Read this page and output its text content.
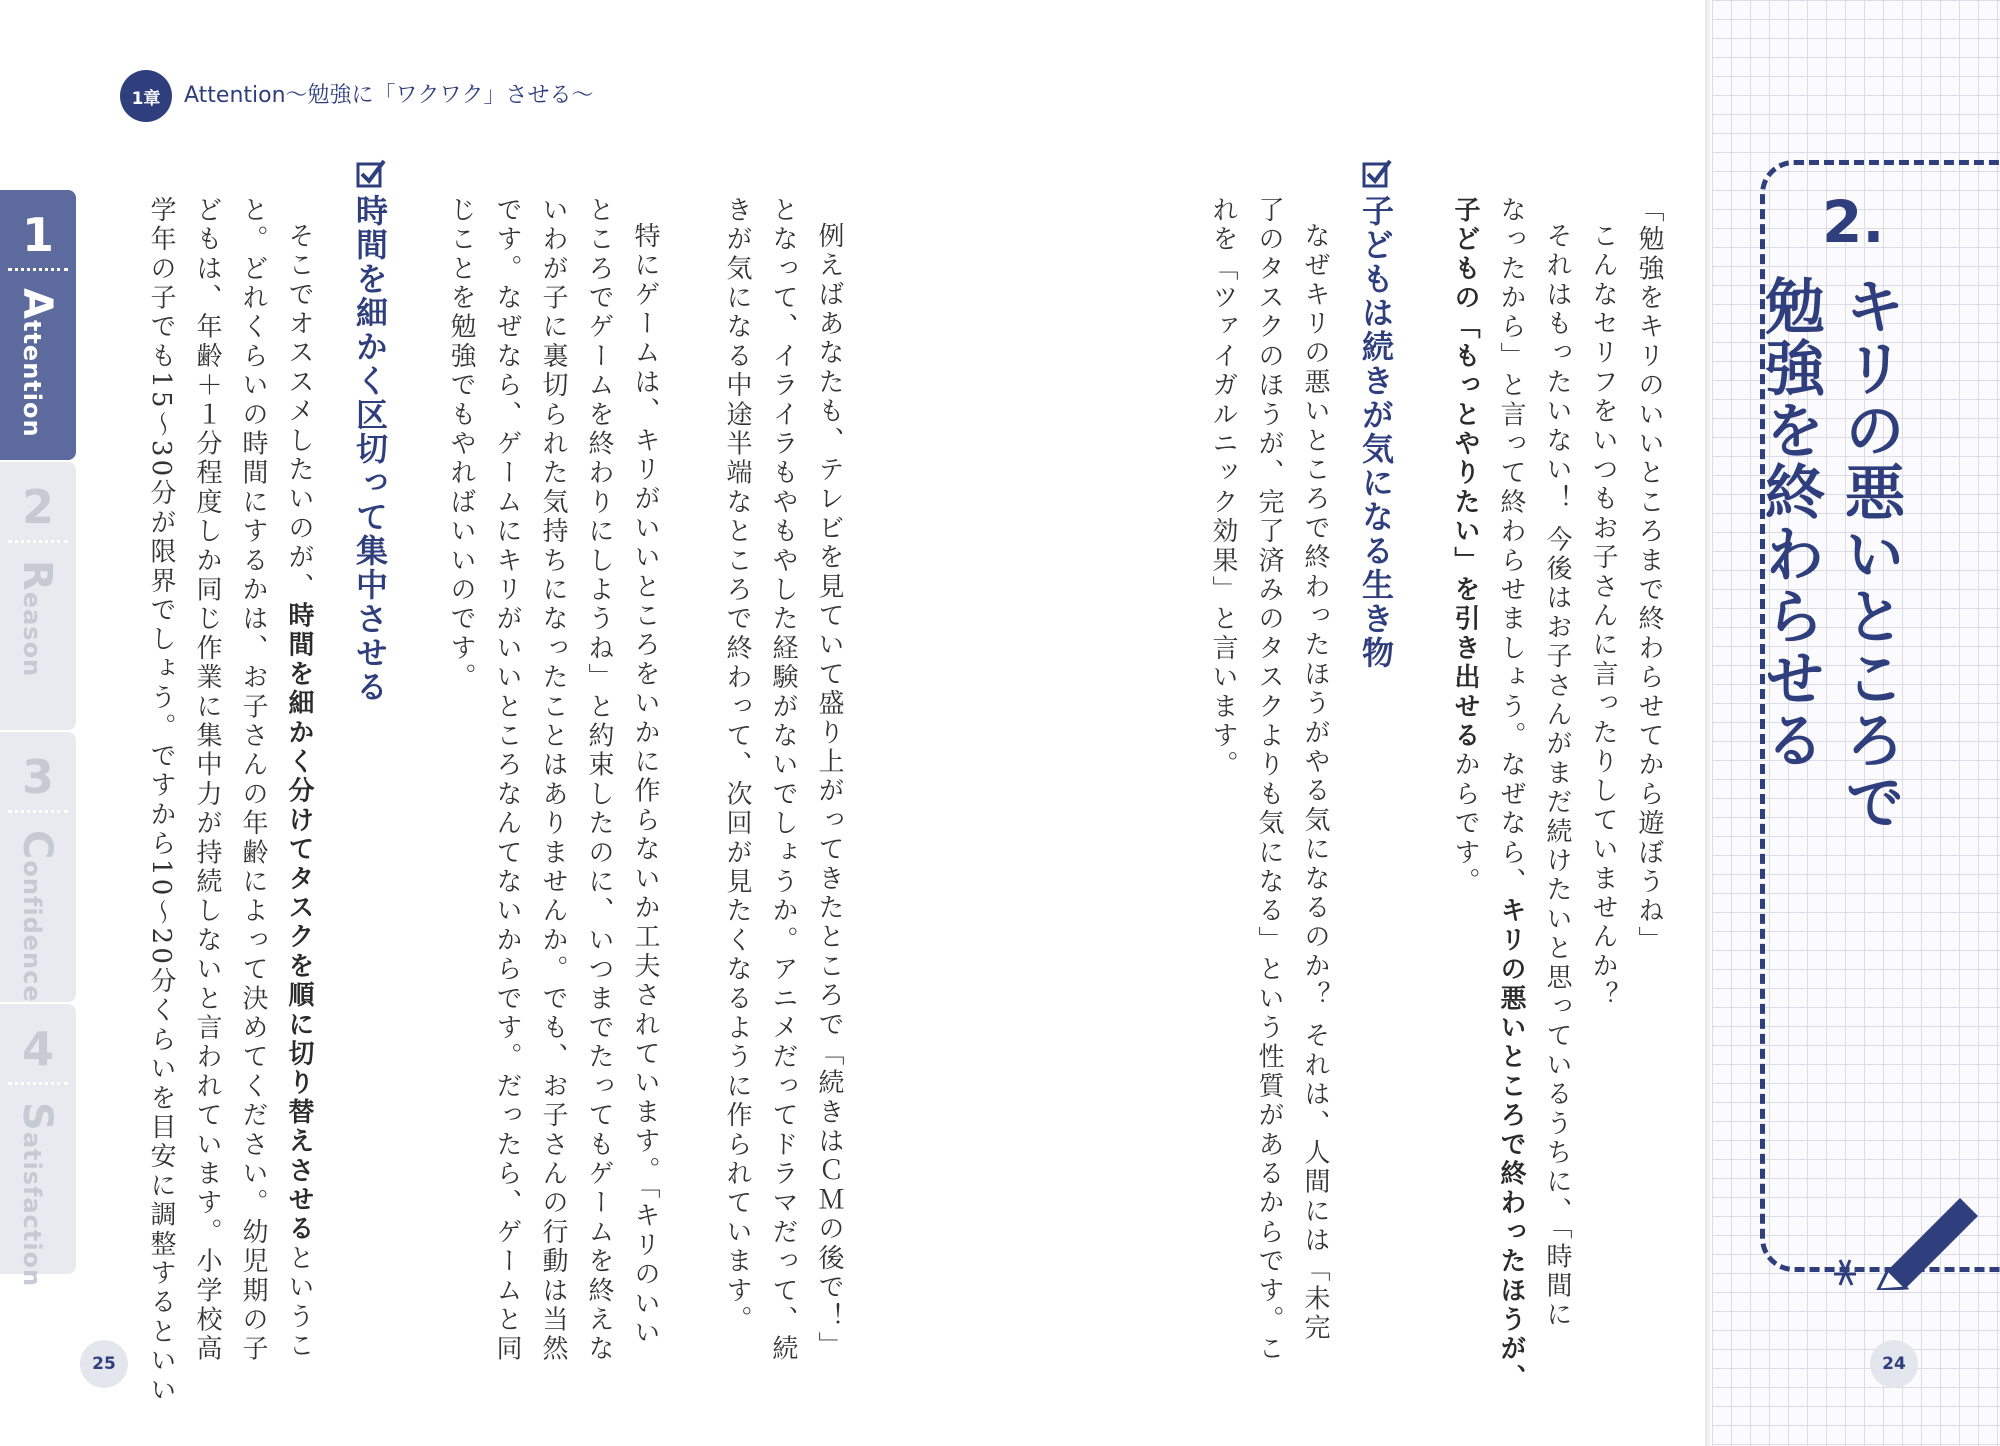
2.
キリの悪いところで
勉強を終わらせる
1章	Attention〜勉強に「ワクワク」させる〜
1
Attention
2
Reason
3
Confidence
4
Satisfaction
「勉強をキリのいいところまで終わらせてから遊ぼうね」
こんなセリフをいつもお子さんに言ったりしていませんか？
それはもったいない！ 今後はお子さんがまだ続けたいと思っているうちに、「時間に
なったから」と言って終わらせましょう。なぜなら、キリの悪いところで終わったほうが、
子どもの「もっとやりたい」を引き出せるからです。
子どもは続きが気になる生き物
なぜキリの悪いところで終わったほうがやる気になるのか？ それは、人間には「未完
了のタスクのほうが、完了済みのタスクよりも気になる」という性質があるからです。こ
れを「ツァイガルニック効果」と言います。
例えばあなたも、テレビを見ていて盛り上がってきたところで「続きはＣＭの後で！」
となって、イライラもやもやした経験がないでしょうか。アニメだってドラマだって、続
きが気になる中途半端なところで終わって、次回が見たくなるように作られています。
特にゲームは、キリがいいところをいかに作らないか工夫されています。「キリのいい
ところでゲームを終わりにしようね」と約束したのに、いつまでたってもゲームを終えな
いわが子に裏切られた気持ちになったことはありませんか。でも、お子さんの行動は当然
です。なぜなら、ゲームにキリがいいところなんてないからです。だったら、ゲームと同
じことを勉強でもやればいいのです。
時間を細かく区切って集中させる
そこでオススメしたいのが、時間を細かく分けてタスクを順に切り替えさせるというこ
と。どれくらいの時間にするかは、お子さんの年齢によって決めてください。幼児期の子
どもは、年齢＋１分程度しか同じ作業に集中力が持続しないと言われています。小学校高
学年の子でも15〜30分が限界でしょう。ですから10〜20分くらいを目安に調整するといい
25	24
